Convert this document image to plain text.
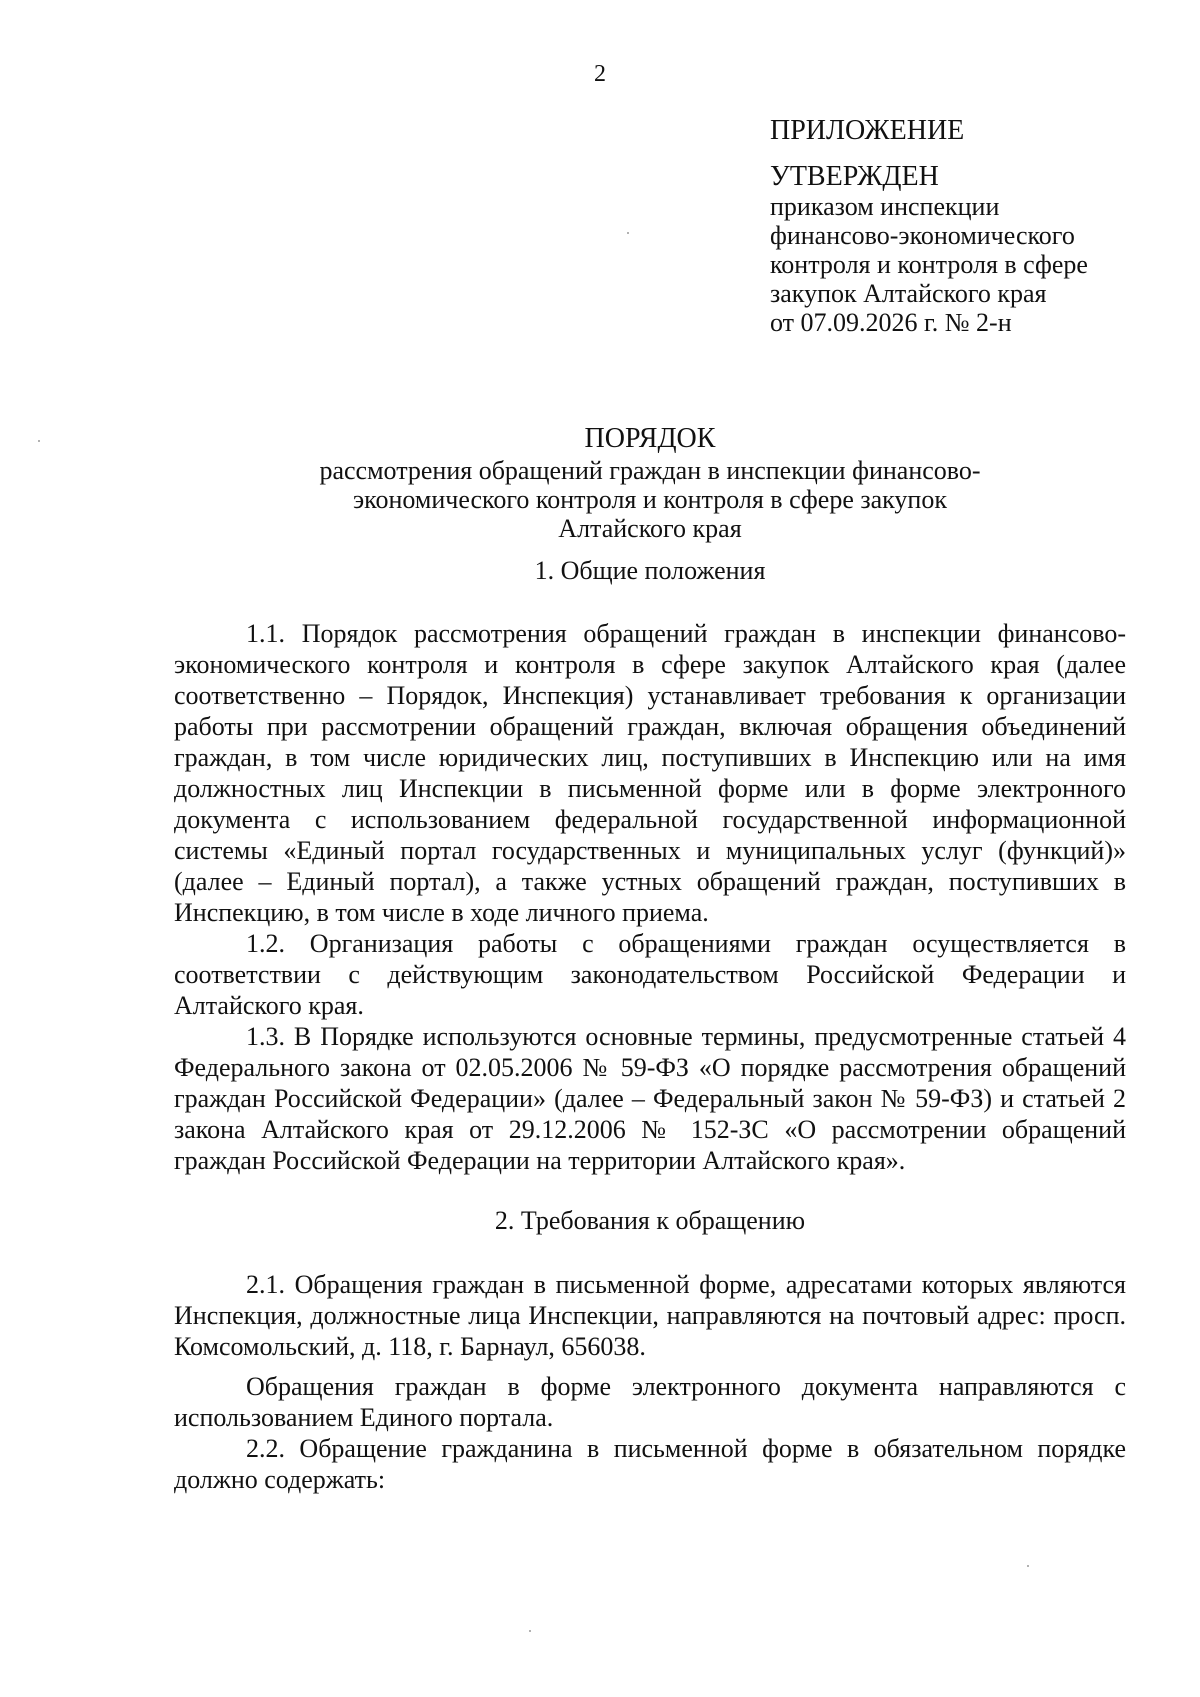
2
ПРИЛОЖЕНИЕ
УТВЕРЖДЕН
приказом инспекции
финансово-экономического
контроля и контроля в сфере
закупок Алтайского края
от 07.09.2026 г. № 2-н
ПОРЯДОК
рассмотрения обращений граждан в инспекции финансово-
экономического контроля и контроля в сфере закупок
Алтайского края
1. Общие положения

1.1. Порядок рассмотрения обращений граждан в инспекции финансово-экономического контроля и контроля в сфере закупок Алтайского края (далее соответственно – Порядок, Инспекция) устанавливает требования к организации работы при рассмотрении обращений граждан, включая обращения объединений граждан, в том числе юридических лиц, поступивших в Инспекцию или на имя должностных лиц Инспекции в письменной форме или в форме электронного документа с использованием федеральной государственной информационной системы «Единый портал государственных и муниципальных услуг (функций)» (далее – Единый портал), а также устных обращений граждан, поступивших в Инспекцию, в том числе в ходе личного приема.

1.2. Организация работы с обращениями граждан осуществляется в соответствии с действующим законодательством Российской Федерации и Алтайского края.

1.3. В Порядке используются основные термины, предусмотренные статьей 4 Федерального закона от 02.05.2006 № 59-ФЗ «О порядке рассмотрения обращений граждан Российской Федерации» (далее – Федеральный закон № 59-ФЗ) и статьей 2 закона Алтайского края от 29.12.2006 № 152-ЗС «О рассмотрении обращений граждан Российской Федерации на территории Алтайского края».

2. Требования к обращению

2.1. Обращения граждан в письменной форме, адресатами которых являются Инспекция, должностные лица Инспекции, направляются на почтовый адрес: просп. Комсомольский, д. 118, г. Барнаул, 656038.

Обращения граждан в форме электронного документа направляются с использованием Единого портала.

2.2. Обращение гражданина в письменной форме в обязательном порядке должно содержать:
